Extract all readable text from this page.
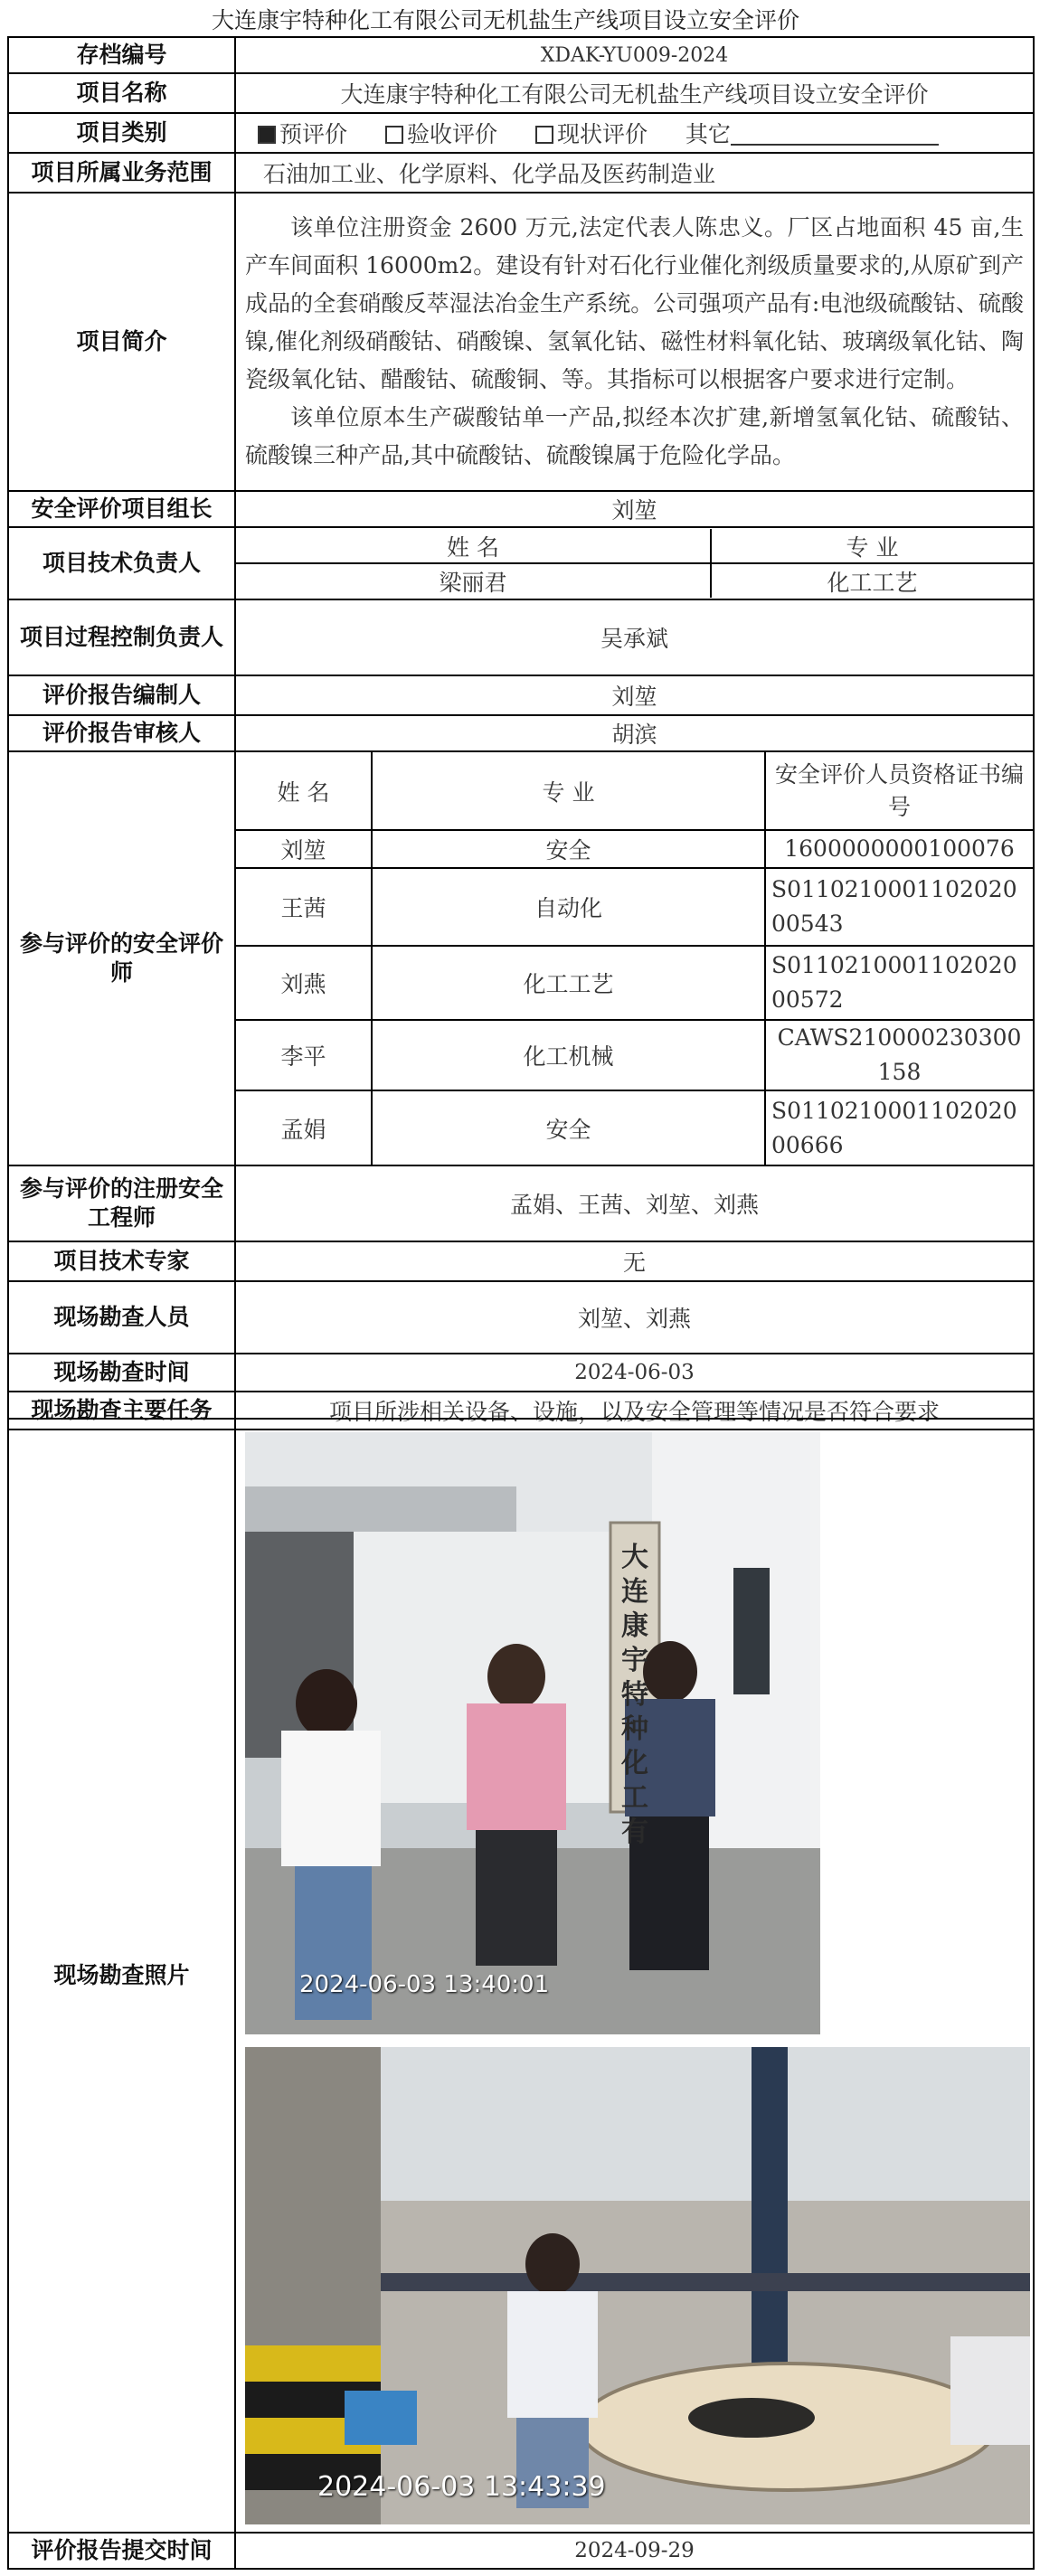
大连康宇特种化工有限公司无机盐生产线项目设立安全评价
存档编号	XDAK-YU009-2024
项目名称	大连康宇特种化工有限公司无机盐生产线项目设立安全评价
项目类别	预评价	验收评价	现状评价 其它
项目所属业务范围	石油加工业、化学原料、化学品及医药制造业
项目简介	

该单位注册资金 2600 万元,法定代表人陈忠义。厂区占地面积 45 亩,生产车间面积 16000m2。建设有针对石化行业催化剂级质量要求的,从原矿到产成品的全套硝酸反萃湿法冶金生产系统。公司强项产品有:电池级硫酸钴、硫酸镍,催化剂级硝酸钴、硝酸镍、氢氧化钴、磁性材料氧化钴、玻璃级氧化钴、陶瓷级氧化钴、醋酸钴、硫酸铜、等。其指标可以根据客户要求进行定制。

该单位原本生产碳酸钴单一产品,拟经本次扩建,新增氢氧化钴、硫酸钴、硫酸镍三种产品,其中硫酸钴、硫酸镍属于危险化学品。

安全评价项目组长	刘堃
项目技术负责人	
姓 名	专 业
梁丽君	化工工艺

项目过程控制负责人	吴承斌
评价报告编制人	刘堃
评价报告审核人	胡滨
参与评价的安全评价师	
姓 名	专 业	安全评价人员资格证书编号
刘堃	安全	1600000000100076
王茜	自动化	S011021000110202000543
刘燕	化工工艺	S011021000110202000572
李平	化工机械	CAWS210000230300158
孟娟	安全	S011021000110202000666

参与评价的注册安全工程师	孟娟、王茜、刘堃、刘燕
项目技术专家	无
现场勘查人员	刘堃、刘燕
现场勘查时间	2024-06-03
现场勘查主要任务	项目所涉相关设备、设施，以及安全管理等情况是否符合要求
现场勘查照片	2024-06-03 13:40:01
大连康宇特种化工有
2024-06-03 13:43:39

评价报告提交时间	2024-09-29
